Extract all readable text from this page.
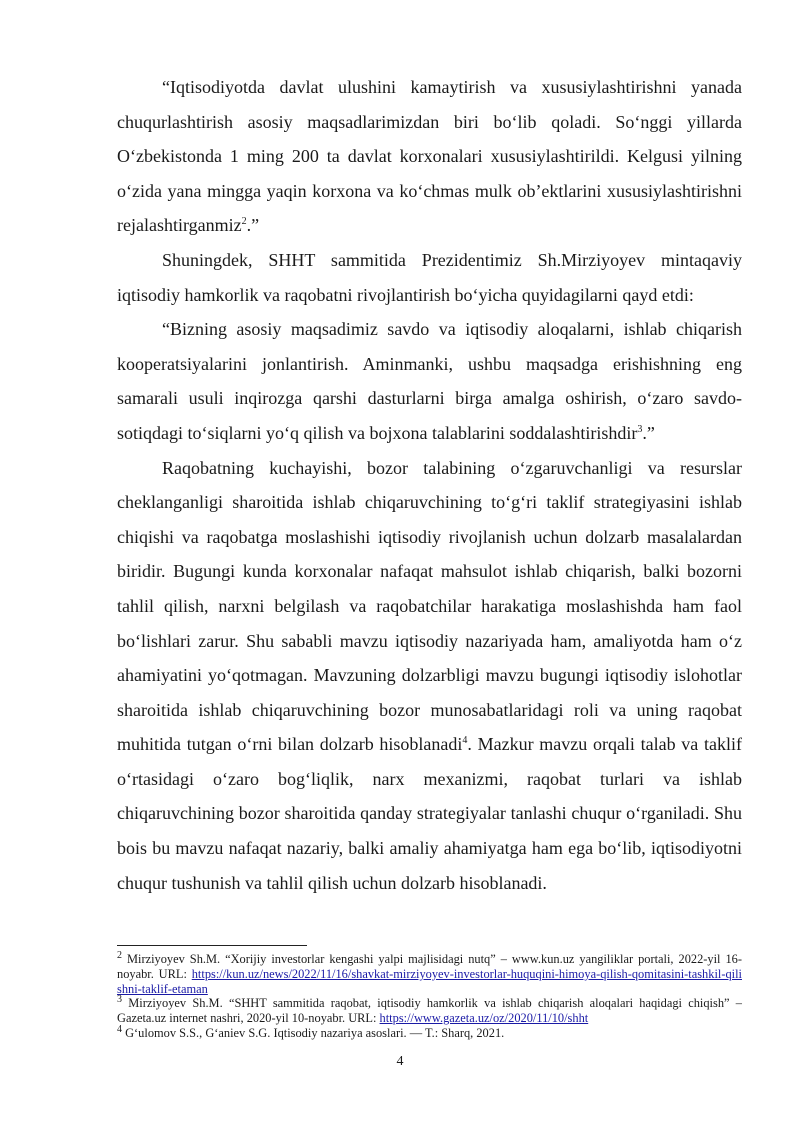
“Iqtisodiyotda davlat ulushini kamaytirish va xususiylashtirishni yanada chuqurlashtirish asosiy maqsadlarimizdan biri boʻlib qoladi. Soʻnggi yillarda Oʻzbekistonda 1 ming 200 ta davlat korxonalari xususiylashtirildi. Kelgusi yilning oʻzida yana mingga yaqin korxona va koʻchmas mulk obʼektlarini xususiylashtirishni rejalashtirganmiz$^2$.”

Shuningdek, SHHT sammitida Prezidentimiz Sh.Mirziyoyev mintaqaviy iqtisodiy hamkorlik va raqobatni rivojlantirish boʻyicha quyidagilarni qayd etdi:

“Bizning asosiy maqsadimiz savdo va iqtisodiy aloqalarni, ishlab chiqarish kooperatsiyalarini jonlantirish. Aminmanki, ushbu maqsadga erishishning eng samarali usuli inqirozga qarshi dasturlarni birga amalga oshirish, oʻzaro savdo-sotiqdagi toʻsiqlarni yoʻq qilish va bojxona talablarini soddalashtirishdir$^3$.”

Raqobatning kuchayishi, bozor talabining oʻzgaruvchanligi va resurslar cheklanganligi sharoitida ishlab chiqaruvchining toʻgʻri taklif strategiyasini ishlab chiqishi va raqobatga moslashishi iqtisodiy rivojlanish uchun dolzarb masalalardan biridir. Bugungi kunda korxonalar nafaqat mahsulot ishlab chiqarish, balki bozorni tahlil qilish, narxni belgilash va raqobatchilar harakatiga moslashishda ham faol boʻlishlari zarur. Shu sababli mavzu iqtisodiy nazariyada ham, amaliyotda ham oʻz ahamiyatini yoʻqotmagan. Mavzuning dolzarbligi mavzu bugungi iqtisodiy islohotlar sharoitida ishlab chiqaruvchining bozor munosabatlaridagi roli va uning raqobat muhitida tutgan oʻrni bilan dolzarb hisoblanadi$^4$. Mazkur mavzu orqali talab va taklif oʻrtasidagi oʻzaro bogʻliqlik, narx mexanizmi, raqobat turlari va ishlab chiqaruvchining bozor sharoitida qanday strategiyalar tanlashi chuqur oʻrganiladi. Shu bois bu mavzu nafaqat nazariy, balki amaliy ahamiyatga ham ega boʻlib, iqtisodiyotni chuqur tushunish va tahlil qilish uchun dolzarb hisoblanadi.

$^2$ Mirziyoyev Sh.M. “Xorijiy investorlar kengashi yalpi majlisidagi nutq” – www.kun.uz yangiliklar portali, 2022-yil 16-noyabr. URL: https://kun.uz/news/2022/11/16/shavkat-mirziyoyev-investorlar-huquqini-himoya-qilish-qomitasini-tashkil-qilishni-taklif-etaman

$^3$ Mirziyoyev Sh.M. “SHHT sammitida raqobat, iqtisodiy hamkorlik va ishlab chiqarish aloqalari haqidagi chiqish” – Gazeta.uz internet nashri, 2020-yil 10-noyabr. URL: https://www.gazeta.uz/oz/2020/11/10/shht

$^4$ Gʻulomov S.S., Gʻaniev S.G. Iqtisodiy nazariya asoslari. — T.: Sharq, 2021.

4
